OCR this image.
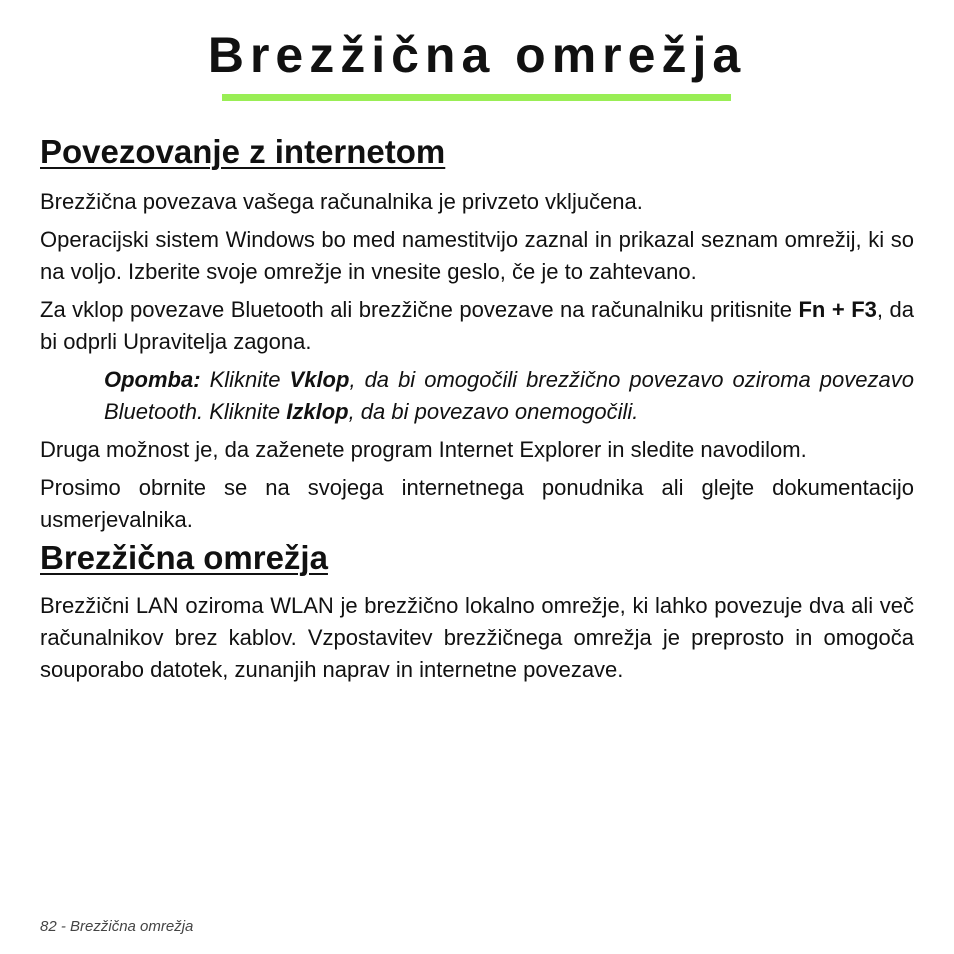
Brezžična omrežja
Povezovanje z internetom

Brezžična povezava vašega računalnika je privzeto vključena.

Operacijski sistem Windows bo med namestitvijo zaznal in prikazal seznam omrežij, ki so na voljo. Izberite svoje omrežje in vnesite geslo, če je to zahtevano.

Za vklop povezave Bluetooth ali brezžične povezave na računalniku pritisnite Fn + F3, da bi odprli Upravitelja zagona.

Opomba: Kliknite Vklop, da bi omogočili brezžično povezavo oziroma povezavo Bluetooth. Kliknite Izklop, da bi povezavo onemogočili.

Druga možnost je, da zaženete program Internet Explorer in sledite navodilom.

Prosimo obrnite se na svojega internetnega ponudnika ali glejte dokumentacijo usmerjevalnika.

Brezžična omrežja

Brezžični LAN oziroma WLAN je brezžično lokalno omrežje, ki lahko povezuje dva ali več računalnikov brez kablov. Vzpostavitev brezžičnega omrežja je preprosto in omogoča souporabo datotek, zunanjih naprav in internetne povezave.

82 - Brezžična omrežja
